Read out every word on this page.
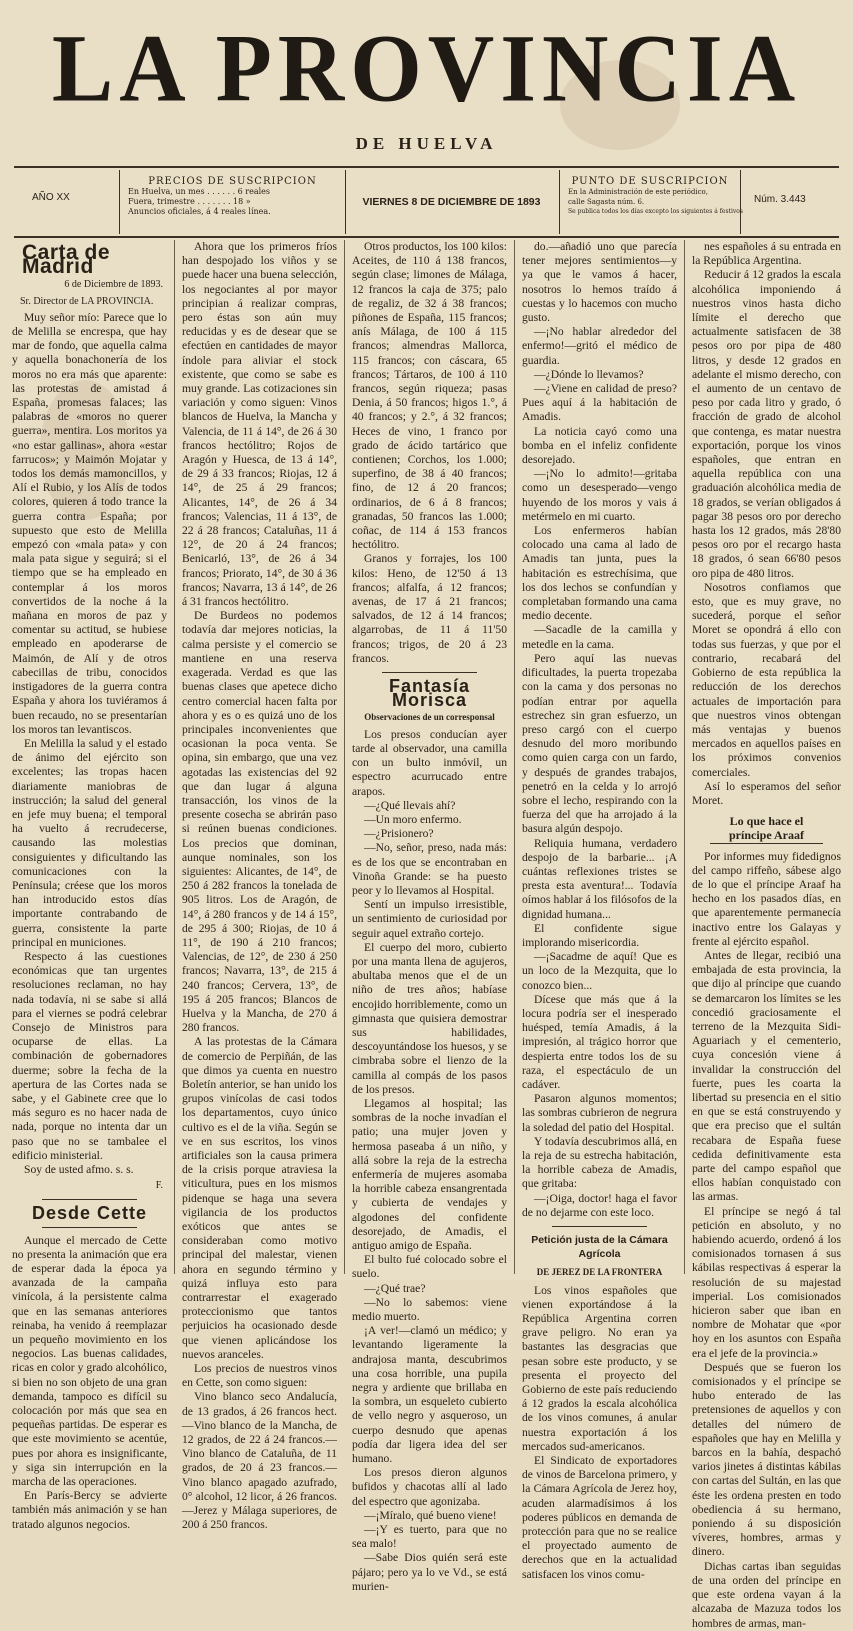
LA PROVINCIA
DE HUELVA
AÑO XX
PRECIOS DE SUSCRIPCION
En Huelva, un mes . . . . . . 6 reales
Fuera, trimestre . . . . . . . 18 »
Anuncios oficiales, á 4 reales línea.
VIERNES 8 DE DICIEMBRE DE 1893
PUNTO DE SUSCRIPCION
En la Administración de este periódico,
calle Sagasta núm. 6.
Se publica todos los días excepto los siguientes á festivos
Núm. 3.443
Carta de Madrid
6 de Diciembre de 1893.
Sr. Director de LA PROVINCIA.

Muy señor mío: Parece que lo de Melilla se encrespa, que hay mar de fondo, que aquella calma y aquella bonachonería de los moros no era más que aparente: las protestas de amistad á España, promesas falaces; las palabras de «moros no querer guerra», mentira. Los moritos ya «no estar gallinas», ahora «estar farrucos»; y Maimón Mojatar y todos los demás mamoncillos, y Alí el Rubio, y los Alís de todos colores, quieren á todo trance la guerra contra España; por supuesto que esto de Melilla empezó con «mala pata» y con mala pata sigue y seguirá; si el tiempo que se ha empleado en contemplar á los moros convertidos de la noche á la mañana en moros de paz y comentar su actitud, se hubiese empleado en apoderarse de Maimón, de Alí y de otros cabecillas de tribu, conocidos instigadores de la guerra contra España y ahora los tuviéramos á buen recaudo, no se presentarían los moros tan levantiscos.

En Melilla la salud y el estado de ánimo del ejército son excelentes; las tropas hacen diariamente maniobras de instrucción; la salud del general en jefe muy buena; el temporal ha vuelto á recrudecerse, causando las molestias consiguientes y dificultando las comunicaciones con la Península; créese que los moros han introducido estos días importante contrabando de guerra, consistente la parte principal en municiones.

Respecto á las cuestiones económicas que tan urgentes resoluciones reclaman, no hay nada todavía, ni se sabe si allá para el viernes se podrá celebrar Consejo de Ministros para ocuparse de ellas. La combinación de gobernadores duerme; sobre la fecha de la apertura de las Cortes nada se sabe, y el Gabinete cree que lo más seguro es no hacer nada de nada, porque no intenta dar un paso que no se tambalee el edificio ministerial.

Soy de usted afmo. s. s.

F.
Desde Cette

Aunque el mercado de Cette no presenta la animación que era de esperar dada la época ya avanzada de la campaña vinícola, á la persistente calma que en las semanas anteriores reinaba, ha venido á reemplazar un pequeño movimiento en los negocios. Las buenas calidades, ricas en color y grado alcohólico, si bien no son objeto de una gran demanda, tampoco es difícil su colocación por más que sea en pequeñas partidas. De esperar es que este movimiento se acentúe, pues por ahora es insignificante, y siga sin interrupción en la marcha de las operaciones.

En París-Bercy se advierte también más animación y se han tratado algunos negocios.

Ahora que los primeros fríos han despojado los viños y se puede hacer una buena selección, los negociantes al por mayor principian á realizar compras, pero éstas son aún muy reducidas y es de desear que se efectúen en cantidades de mayor índole para aliviar el stock existente, que como se sabe es muy grande. Las cotizaciones sin variación y como siguen: Vinos blancos de Huelva, la Mancha y Valencia, de 11 á 14°, de 26 á 30 francos hectólitro; Rojos de Aragón y Huesca, de 13 á 14°, de 29 á 33 francos; Riojas, 12 á 14°, de 25 á 29 francos; Alicantes, 14°, de 26 á 34 francos; Valencias, 11 á 13°, de 22 á 28 francos; Cataluñas, 11 á 12°, de 20 á 24 francos; Benicarló, 13°, de 26 á 34 francos; Priorato, 14°, de 30 á 36 francos; Navarra, 13 á 14°, de 26 á 31 francos hectólitro.

De Burdeos no podemos todavía dar mejores noticias, la calma persiste y el comercio se mantiene en una reserva exagerada. Verdad es que las buenas clases que apetece dicho centro comercial hacen falta por ahora y es o es quizá uno de los principales inconvenientes que ocasionan la poca venta. Se opina, sin embargo, que una vez agotadas las existencias del 92 que dan lugar á alguna transacción, los vinos de la presente cosecha se abrirán paso si reúnen buenas condiciones. Los precios que dominan, aunque nominales, son los siguientes: Alicantes, de 14°, de 250 á 282 francos la tonelada de 905 litros. Los de Aragón, de 14°, á 280 francos y de 14 á 15°, de 295 á 300; Riojas, de 10 á 11°, de 190 á 210 francos; Valencias, de 12°, de 230 á 250 francos; Navarra, 13°, de 215 á 240 francos; Cervera, 13°, de 195 á 205 francos; Blancos de Huelva y la Mancha, de 270 á 280 francos.

A las protestas de la Cámara de comercio de Perpiñán, de las que dimos ya cuenta en nuestro Boletín anterior, se han unido los grupos vinícolas de casi todos los departamentos, cuyo único cultivo es el de la viña. Según se ve en sus escritos, los vinos artificiales son la causa primera de la crisis porque atraviesa la viticultura, pues en los mismos pidenque se haga una severa vigilancia de los productos exóticos que antes se consideraban como motivo principal del malestar, vienen ahora en segundo término y quizá influya esto para contrarrestar el exagerado proteccionismo que tantos perjuicios ha ocasionado desde que vienen aplicándose los nuevos aranceles.

Los precios de nuestros vinos en Cette, son como siguen:

Vino blanco seco Andalucía, de 13 grados, á 26 francos hect.—Vino blanco de la Mancha, de 12 grados, de 22 á 24 francos.—Vino blanco de Cataluña, de 11 grados, de 20 á 23 francos.—Vino blanco apagado azufrado, 0° alcohol, 12 licor, á 26 francos.—Jerez y Málaga superiores, de 200 á 250 francos.

Otros productos, los 100 kilos: Aceites, de 110 á 138 francos, según clase; limones de Málaga, 12 francos la caja de 375; palo de regaliz, de 32 á 38 francos; piñones de España, 115 francos; anís Málaga, de 100 á 115 francos; almendras Mallorca, 115 francos; con cáscara, 65 francos; Tártaros, de 100 á 110 francos, según riqueza; pasas Denia, á 50 francos; higos 1.°, á 40 francos; y 2.°, á 32 francos; Heces de vino, 1 franco por grado de ácido tartárico que contienen; Corchos, los 1.000; superfino, de 38 á 40 francos; fino, de 12 á 20 francos; ordinarios, de 6 á 8 francos; granadas, 50 francos las 1.000; coñac, de 114 á 153 francos hectólitro.

Granos y forrajes, los 100 kilos: Heno, de 12'50 á 13 francos; alfalfa, á 12 francos; avenas, de 17 á 21 francos; salvados, de 12 á 14 francos; algarrobas, de 11 á 11'50 francos; trigos, de 20 á 23 francos.

Fantasía Morisca
Observaciones de un corresponsal

Los presos conducían ayer tarde al observador, una camilla con un bulto inmóvil, un espectro acurrucado entre arapos.

—¿Qué llevais ahí?

—Un moro enfermo.

—¿Prisionero?

—No, señor, preso, nada más: es de los que se encontraban en Vinoña Grande: se ha puesto peor y lo llevamos al Hospital.

Sentí un impulso irresistible, un sentimiento de curiosidad por seguir aquel extraño cortejo.

El cuerpo del moro, cubierto por una manta llena de agujeros, abultaba menos que el de un niño de tres años; habíase encojido horriblemente, como un gimnasta que quisiera demostrar sus habilidades, descoyuntándose los huesos, y se cimbraba sobre el lienzo de la camilla al compás de los pasos de los presos.

Llegamos al hospital; las sombras de la noche invadían el patio; una mujer joven y hermosa paseaba á un niño, y allá sobre la reja de la estrecha enfermería de mujeres asomaba la horrible cabeza ensangrentada y cubierta de vendajes y algodones del confidente desorejado, de Amadis, el antiguo amigo de España.

El bulto fué colocado sobre el suelo.

—¿Qué trae?

—No lo sabemos: viene medio muerto.

¡A ver!—clamó un médico; y levantando ligeramente la andrajosa manta, descubrimos una cosa horrible, una pupila negra y ardiente que brillaba en la sombra, un esqueleto cubierto de vello negro y asqueroso, un cuerpo desnudo que apenas podía dar ligera idea del ser humano.

Los presos dieron algunos bufidos y chacotas allí al lado del espectro que agonizaba.

—¡Míralo, qué bueno viene!

—¡Y es tuerto, para que no sea malo!

—Sabe Dios quién será este pájaro; pero ya lo ve Vd., se está murien-

do.—añadió uno que parecía tener mejores sentimientos—y ya que le vamos á hacer, nosotros lo hemos traído á cuestas y lo hacemos con mucho gusto.

—¡No hablar alrededor del enfermo!—gritó el médico de guardia.

—¿Dónde lo llevamos?

—¿Viene en calidad de preso? Pues aquí á la habitación de Amadis.

La noticia cayó como una bomba en el infeliz confidente desorejado.

—¡No lo admito!—gritaba como un desesperado—vengo huyendo de los moros y vais á metérmelo en mi cuarto.

Los enfermeros habían colocado una cama al lado de Amadis tan junta, pues la habitación es estrechísima, que los dos lechos se confundían y completaban formando una cama medio decente.

—Sacadle de la camilla y metedle en la cama.

Pero aquí las nuevas dificultades, la puerta tropezaba con la cama y dos personas no podían entrar por aquella estrechez sin gran esfuerzo, un preso cargó con el cuerpo desnudo del moro moribundo como quien carga con un fardo, y después de grandes trabajos, penetró en la celda y lo arrojó sobre el lecho, respirando con la fuerza del que ha arrojado á la basura algún despojo.

Reliquia humana, verdadero despojo de la barbarie... ¡A cuántas reflexiones tristes se presta esta aventura!... Todavía oímos hablar á los filósofos de la dignidad humana...

El confidente sigue implorando misericordia.

—¡Sacadme de aquí! Que es un loco de la Mezquita, que lo conozco bien...

Dícese que más que á la locura podría ser el inesperado huésped, temía Amadis, á la impresión, al trágico horror que despierta entre todos los de su raza, el espectáculo de un cadáver.

Pasaron algunos momentos; las sombras cubrieron de negrura la soledad del patio del Hospital.

Y todavía descubrimos allá, en la reja de su estrecha habitación, la horrible cabeza de Amadis, que gritaba:

—¡Oiga, doctor! haga el favor de no dejarme con este loco.

Petición justa de la Cámara Agrícola
DE JEREZ DE LA FRONTERA

Los vinos españoles que vienen exportándose á la República Argentina corren grave peligro. No eran ya bastantes las desgracias que pesan sobre este producto, y se presenta el proyecto del Gobierno de este país reduciendo á 12 grados la escala alcohólica de los vinos comunes, á anular nuestra exportación á los mercados sud-americanos.

El Sindicato de exportadores de vinos de Barcelona primero, y la Cámara Agrícola de Jerez hoy, acuden alarmadísimos á los poderes públicos en demanda de protección para que no se realice el proyectado aumento de derechos que en la actualidad satisfacen los vinos comu-

nes españoles á su entrada en la República Argentina.

Reducir á 12 grados la escala alcohólica imponiendo á nuestros vinos hasta dicho límite el derecho que actualmente satisfacen de 38 pesos oro por pipa de 480 litros, y desde 12 grados en adelante el mismo derecho, con el aumento de un centavo de peso por cada litro y grado, ó fracción de grado de alcohol que contenga, es matar nuestra exportación, porque los vinos españoles, que entran en aquella república con una graduación alcohólica media de 18 grados, se verían obligados á pagar 38 pesos oro por derecho hasta los 12 grados, más 28'80 pesos oro por el recargo hasta 18 grados, ó sean 66'80 pesos oro pipa de 480 litros.

Nosotros confiamos que esto, que es muy grave, no sucederá, porque el señor Moret se opondrá á ello con todas sus fuerzas, y que por el contrario, recabará del Gobierno de esta república la reducción de los derechos actuales de importación para que nuestros vinos obtengan más ventajas y buenos mercados en aquellos países en los próximos convenios comerciales.

Así lo esperamos del señor Moret.

Lo que hace el príncipe Araaf

Por informes muy fidedignos del campo riffeño, sábese algo de lo que el príncipe Araaf ha hecho en los pasados días, en que aparentemente permanecía inactivo entre los Galayas y frente al ejército español.

Antes de llegar, recibió una embajada de esta provincia, la que dijo al príncipe que cuando se demarcaron los límites se les concedió graciosamente el terreno de la Mezquita Sidi-Aguariach y el cementerio, cuya concesión viene á invalidar la construcción del fuerte, pues les coarta la libertad su presencia en el sitio en que se está construyendo y que era preciso que el sultán recabara de España fuese cedida definitivamente esta parte del campo español que ellos habían conquistado con las armas.

El príncipe se negó á tal petición en absoluto, y no habiendo acuerdo, ordenó á los comisionados tornasen á sus kábilas respectivas á esperar la resolución de su majestad imperial. Los comisionados hicieron saber que iban en nombre de Mohatar que «por hoy en los asuntos con España era el jefe de la provincia.»

Después que se fueron los comisionados y el príncipe se hubo enterado de las pretensiones de aquellos y con detalles del número de españoles que hay en Melilla y barcos en la bahía, despachó varios jinetes á distintas kábilas con cartas del Sultán, en las que éste les ordena presten en todo obediencia á su hermano, poniendo á su disposición víveres, hombres, armas y dinero.

Dichas cartas iban seguidas de una orden del príncipe en que este ordena vayan á la alcazaba de Mazuza todos los hombres de armas, man-
